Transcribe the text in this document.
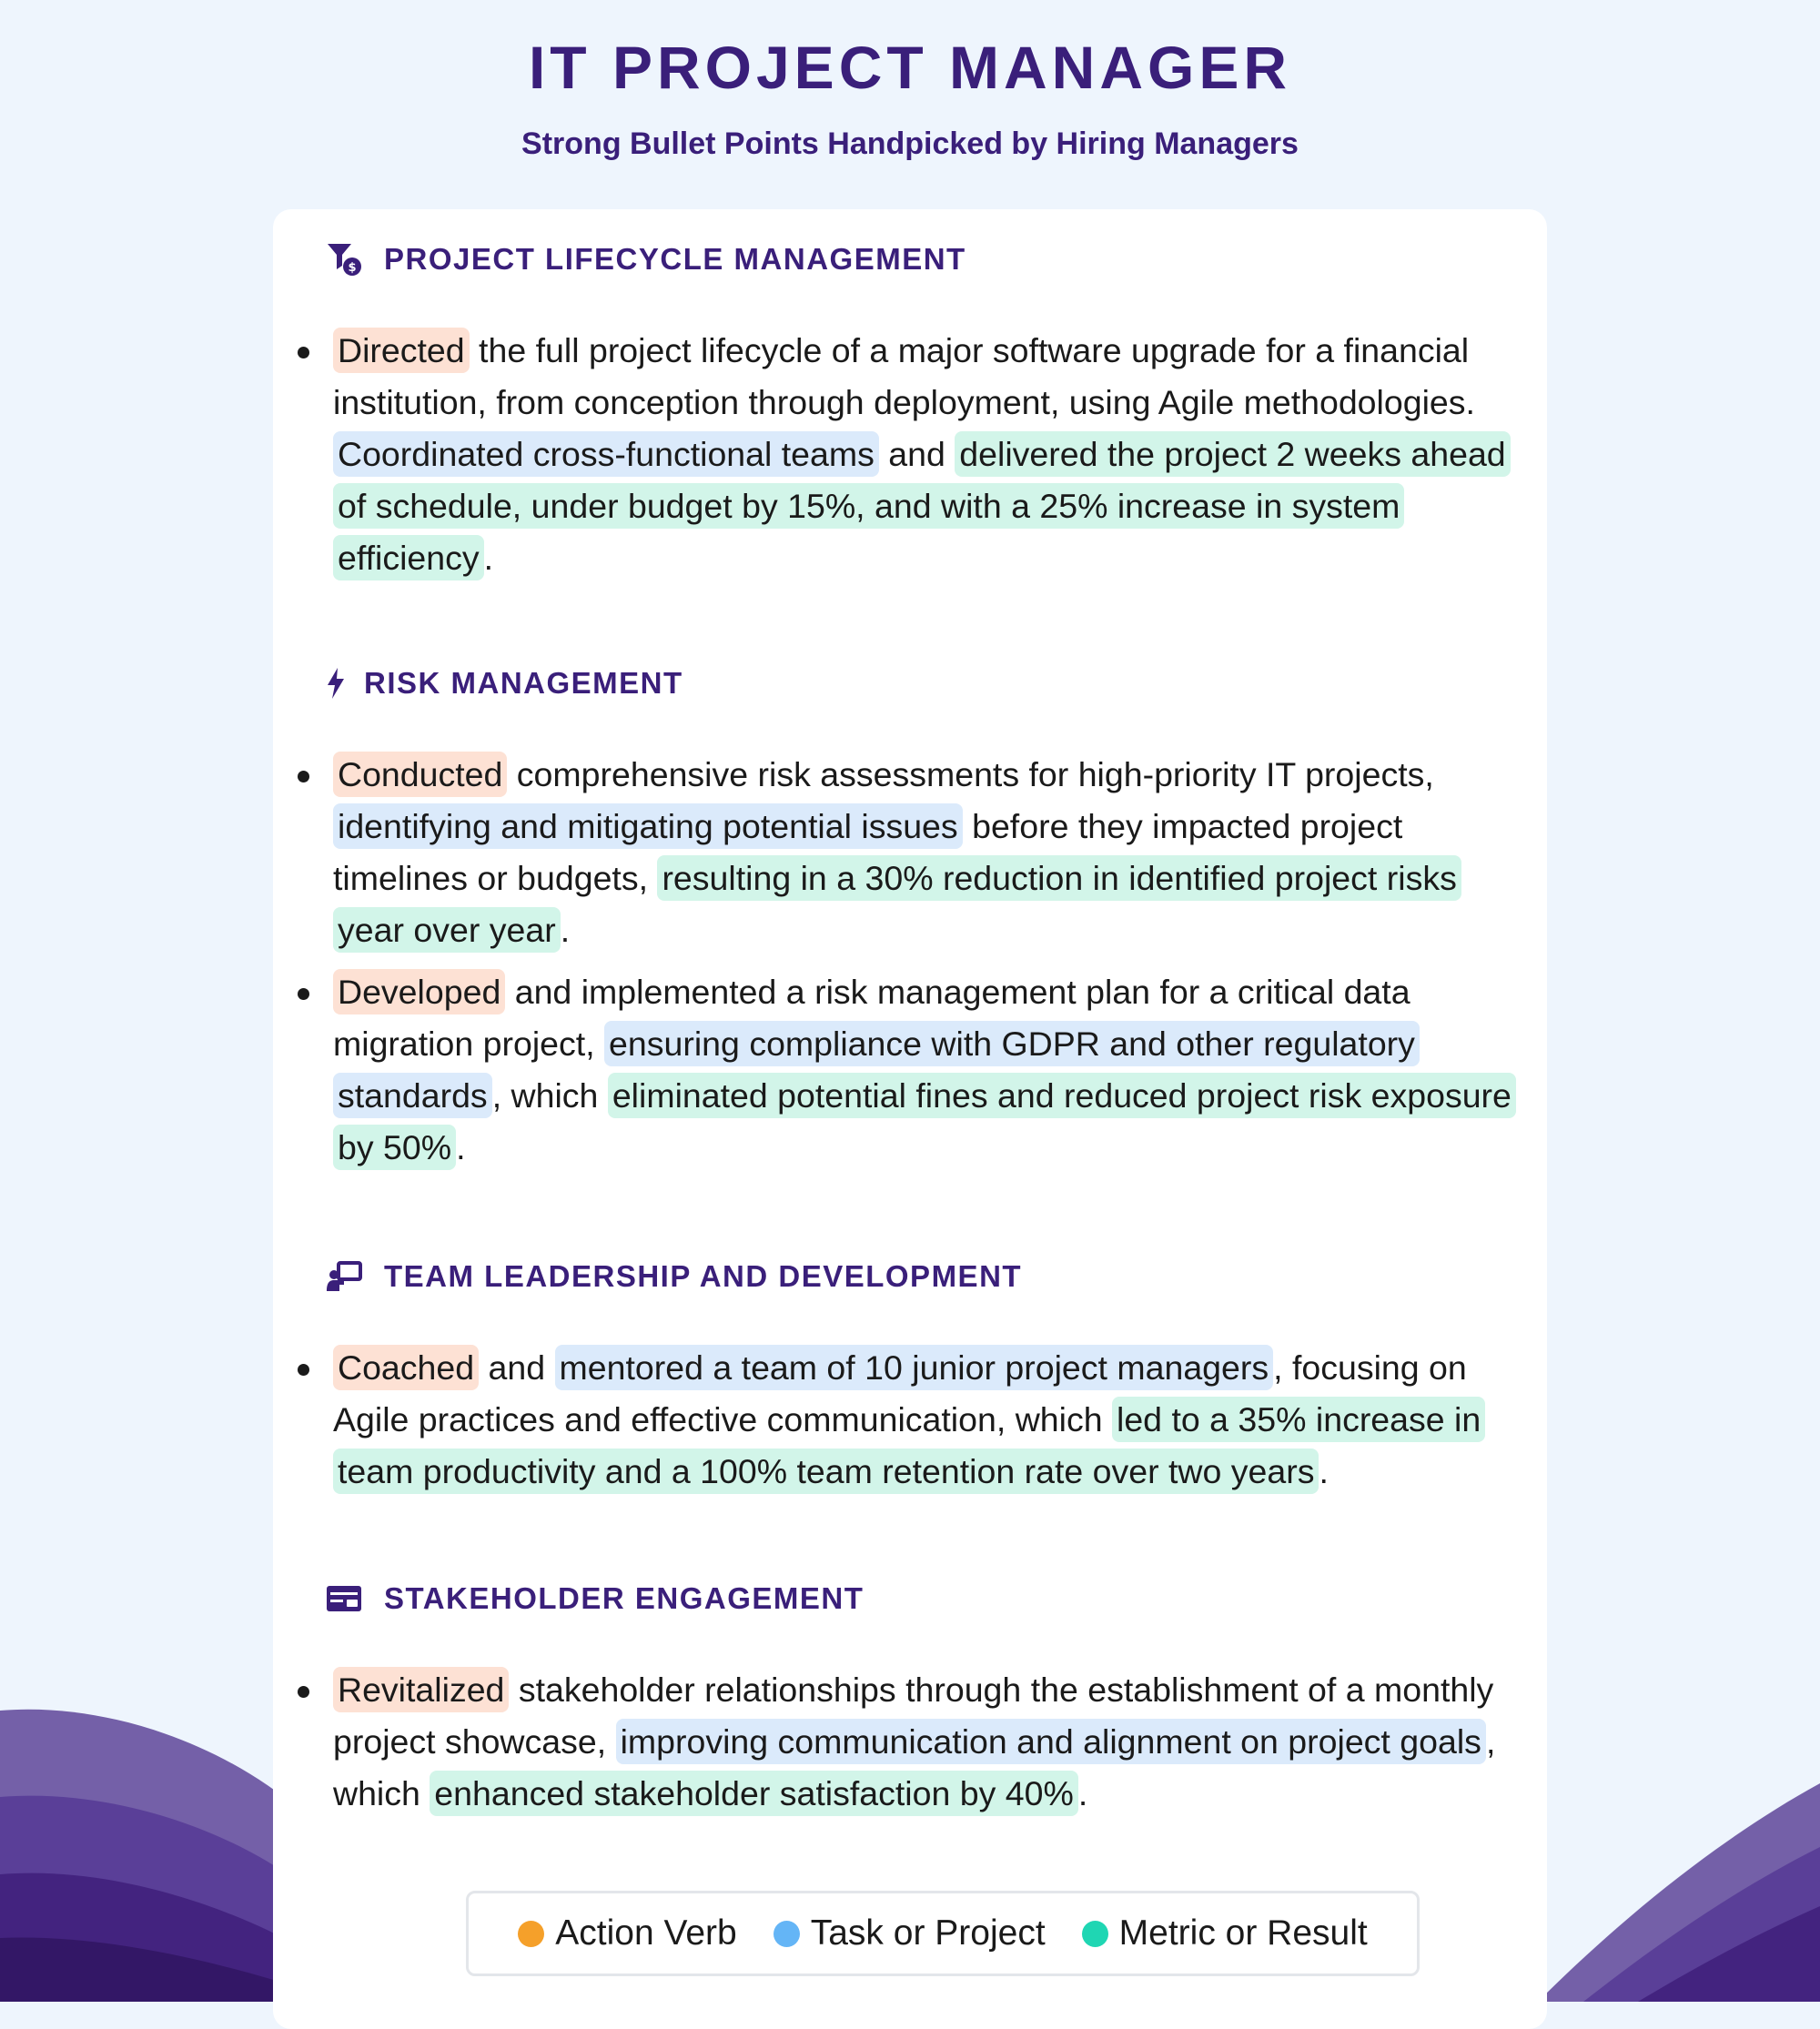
IT PROJECT MANAGER
Strong Bullet Points Handpicked by Hiring Managers
$ PROJECT LIFECYCLE MANAGEMENT
Directed the full project lifecycle of a major software upgrade for a financial institution, from conception through deployment, using Agile methodologies. Coordinated cross-functional teams and delivered the project 2 weeks ahead of schedule, under budget by 15%, and with a 25% increase in system efficiency .
RISK MANAGEMENT
Conducted comprehensive risk assessments for high-priority IT projects, identifying and mitigating potential issues before they impacted project timelines or budgets, resulting in a 30% reduction in identified project risks year over year .
Developed and implemented a risk management plan for a critical data migration project, ensuring compliance with GDPR and other regulatory standards , which eliminated potential fines and reduced project risk exposure by 50% .
TEAM LEADERSHIP AND DEVELOPMENT
Coached and mentored a team of 10 junior project managers , focusing on Agile practices and effective communication, which led to a 35% increase in team productivity and a 100% team retention rate over two years .
STAKEHOLDER ENGAGEMENT
Revitalized stakeholder relationships through the establishment of a monthly project showcase, improving communication and alignment on project goals , which enhanced stakeholder satisfaction by 40% .
Action Verb Task or Project Metric or Result
